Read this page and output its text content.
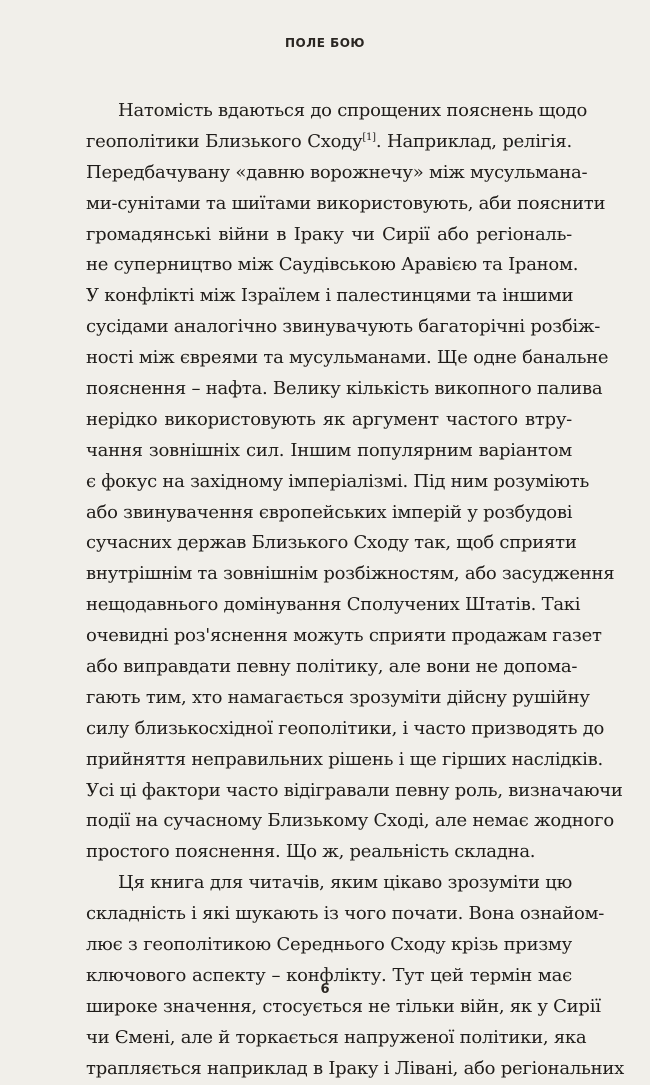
ПОЛЕ БОЮ
Натомість вдаються до спрощених пояснень щодо
геополітики Близького Сходу[1]. Наприклад, релігія.
Передбачувану «давню ворожнечу» між мусульмана-
ми-сунітами та шиїтами використовують, аби пояснити
громадянські війни в Іраку чи Сирії або регіональ-
не суперництво між Саудівською Аравією та Іраном.
У конфлікті між Ізраїлем і палестинцями та іншими
сусідами аналогічно звинувачують багаторічні розбіж-
ності між євреями та мусульманами. Ще одне банальне
пояснення – нафта. Велику кількість викопного палива
нерідко використовують як аргумент частого втру-
чання зовнішніх сил. Іншим популярним варіантом
є фокус на західному імперіалізмі. Під ним розуміють
або звинувачення європейських імперій у розбудові
сучасних держав Близького Сходу так, щоб сприяти
внутрішнім та зовнішнім розбіжностям, або засудження
нещодавнього домінування Сполучених Штатів. Такі
очевидні роз'яснення можуть сприяти продажам газет
або виправдати певну політику, але вони не допома-
гають тим, хто намагається зрозуміти дійсну рушійну
силу близькосхідної геополітики, і часто призводять до
прийняття неправильних рішень і ще гірших наслідків.
Усі ці фактори часто відігравали певну роль, визначаючи
події на сучасному Близькому Сході, але немає жодного
простого пояснення. Що ж, реальність складна.
Ця книга для читачів, яким цікаво зрозуміти цю
складність і які шукають із чого почати. Вона ознайом-
лює з геополітикою Середнього Сходу крізь призму
ключового аспекту – конфлікту. Тут цей термін має
широке значення, стосується не тільки війн, як у Сирії
чи Ємені, але й торкається напруженої політики, яка
трапляється наприклад в Іраку і Лівані, або регіональних
6
